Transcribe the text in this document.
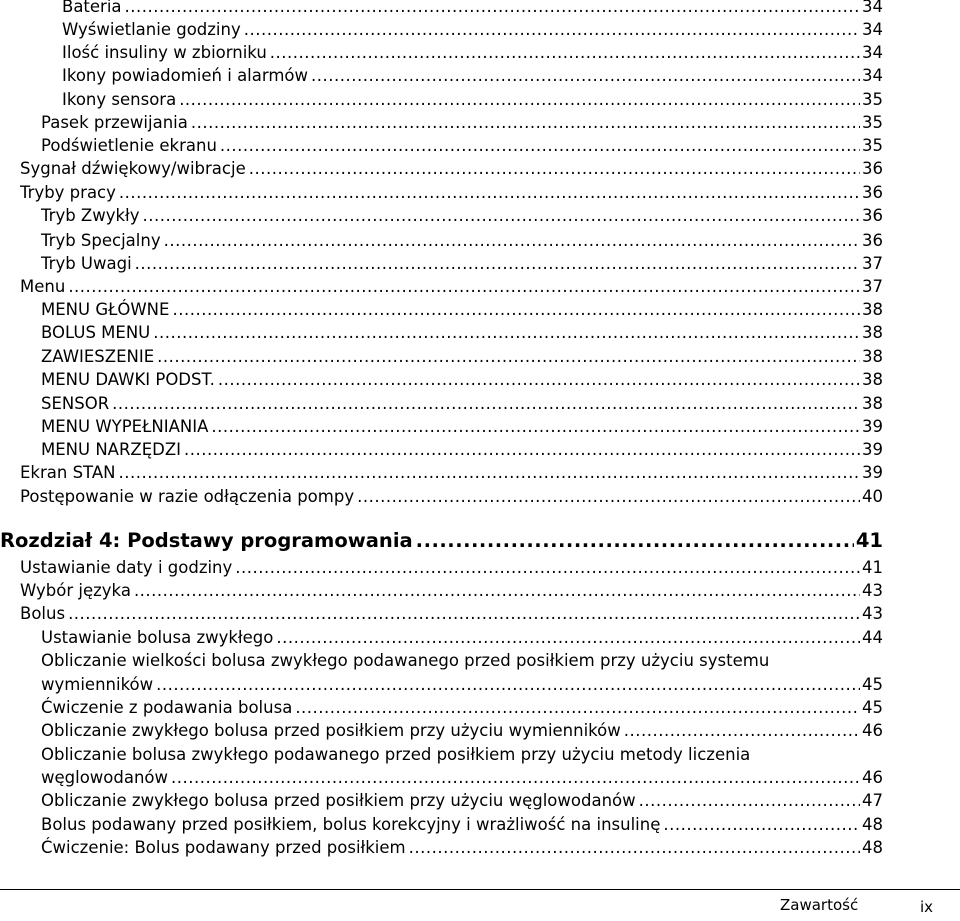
Bateria .....	34
Wyświetlanie godziny .....	34
Ilość insuliny w zbiorniku .....	34
Ikony powiadomień i alarmów .....	34
Ikony sensora .....	35
Pasek przewijania .....	35
Podświetlenie ekranu .....	35
Sygnał dźwiękowy/wibracje .....	36
Tryby pracy .....	36
Tryb Zwykły .....	36
Tryb Specjalny .....	36
Tryb Uwagi .....	37
Menu .....	37
MENU GŁÓWNE .....	38
BOLUS MENU .....	38
ZAWIESZENIE .....	38
MENU DAWKI PODST. .....	38
SENSOR .....	38
MENU WYPEŁNIANIA .....	39
MENU NARZĘDZI .....	39
Ekran STAN .....	39
Postępowanie w razie odłączenia pompy .....	40
Rozdział 4: Podstawy programowania .....	41
Ustawianie daty i godziny .....	41
Wybór języka .....	43
Bolus .....	43
Ustawianie bolusa zwykłego .....	44
Obliczanie wielkości bolusa zwykłego podawanego przed posiłkiem przy użyciu systemu
wymienników .....	45
Ćwiczenie z podawania bolusa .....	45
Obliczanie zwykłego bolusa przed posiłkiem przy użyciu wymienników .....	46
Obliczanie bolusa zwykłego podawanego przed posiłkiem przy użyciu metody liczenia
węglowodanów .....	46
Obliczanie zwykłego bolusa przed posiłkiem przy użyciu węglowodanów .....	47
Bolus podawany przed posiłkiem, bolus korekcyjny i wrażliwość na insulinę .....	48
Ćwiczenie: Bolus podawany przed posiłkiem .....	48
Zawartość	ix
